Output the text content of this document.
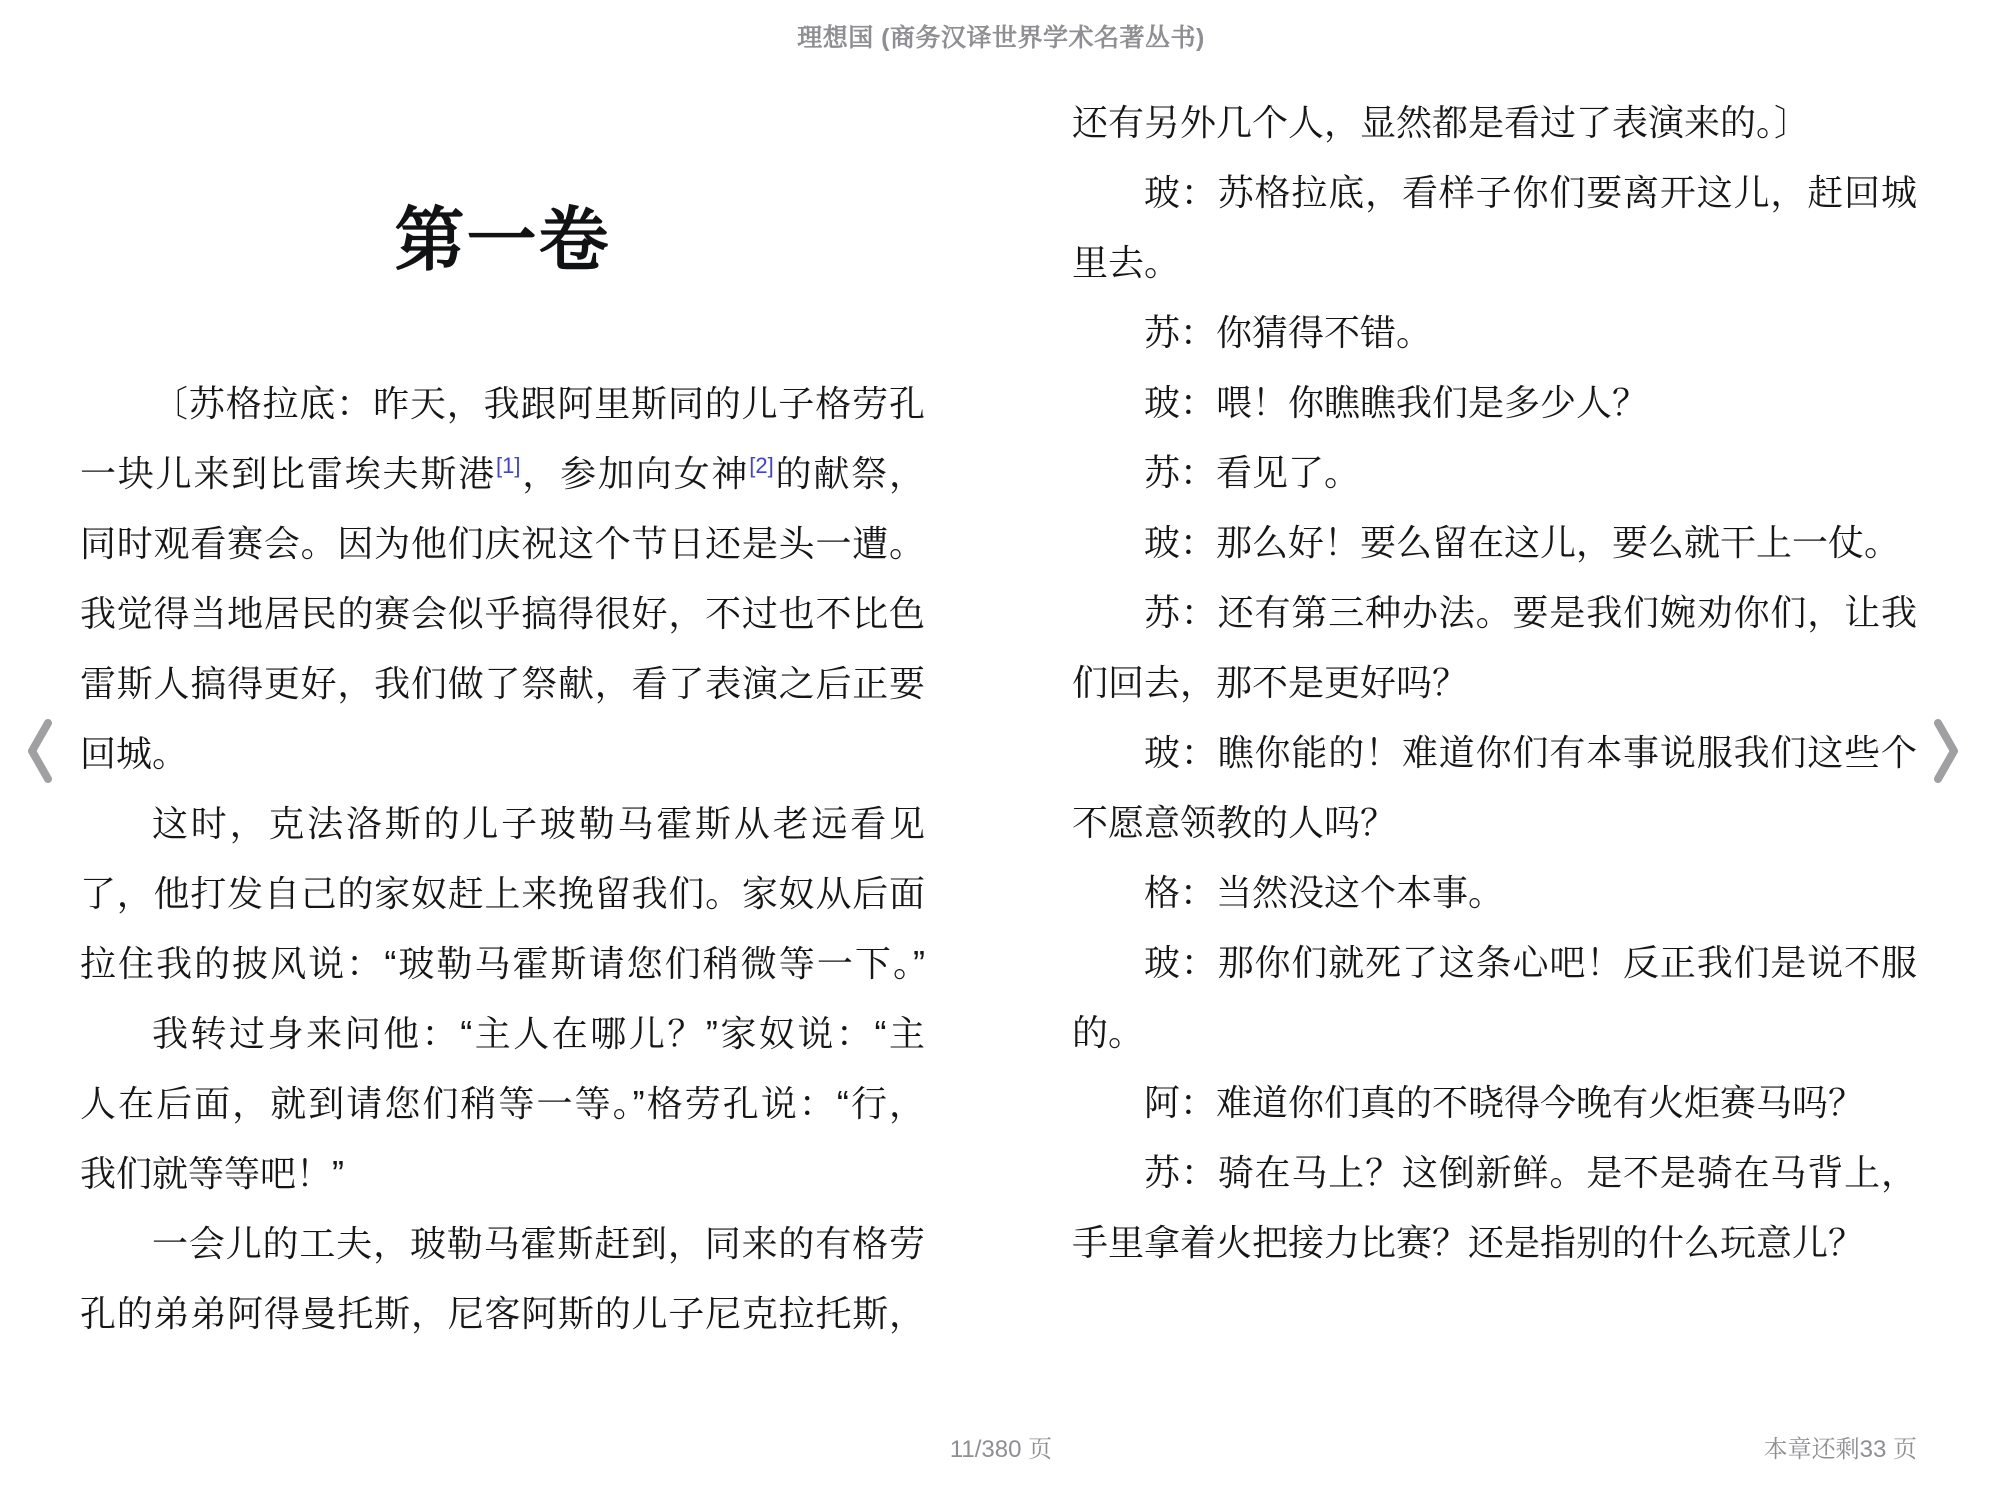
理想国 (商务汉译世界学术名著丛书)
第一卷
〔苏格拉底：昨天，我跟阿里斯同的儿子格劳孔
一块儿来到比雷埃夫斯港[1]，参加向女神[2]的献祭，
同时观看赛会。因为他们庆祝这个节日还是头一遭。
我觉得当地居民的赛会似乎搞得很好，不过也不比色
雷斯人搞得更好，我们做了祭献，看了表演之后正要
回城。
这时，克法洛斯的儿子玻勒马霍斯从老远看见
了，他打发自己的家奴赶上来挽留我们。家奴从后面
拉住我的披风说：“玻勒马霍斯请您们稍微等一下。”
我转过身来问他：“主人在哪儿？”家奴说：“主
人在后面，就到请您们稍等一等。”格劳孔说：“行，
我们就等等吧！”
一会儿的工夫，玻勒马霍斯赶到，同来的有格劳
孔的弟弟阿得曼托斯，尼客阿斯的儿子尼克拉托斯，
还有另外几个人，显然都是看过了表演来的。〕
玻：苏格拉底，看样子你们要离开这儿，赶回城
里去。
苏：你猜得不错。
玻：喂！你瞧瞧我们是多少人？
苏：看见了。
玻：那么好！要么留在这儿，要么就干上一仗。
苏：还有第三种办法。要是我们婉劝你们，让我
们回去，那不是更好吗？
玻：瞧你能的！难道你们有本事说服我们这些个
不愿意领教的人吗？
格：当然没这个本事。
玻：那你们就死了这条心吧！反正我们是说不服
的。
阿：难道你们真的不晓得今晚有火炬赛马吗？
苏：骑在马上？这倒新鲜。是不是骑在马背上，
手里拿着火把接力比赛？还是指别的什么玩意儿？
11/380 页	本章还剩33 页
